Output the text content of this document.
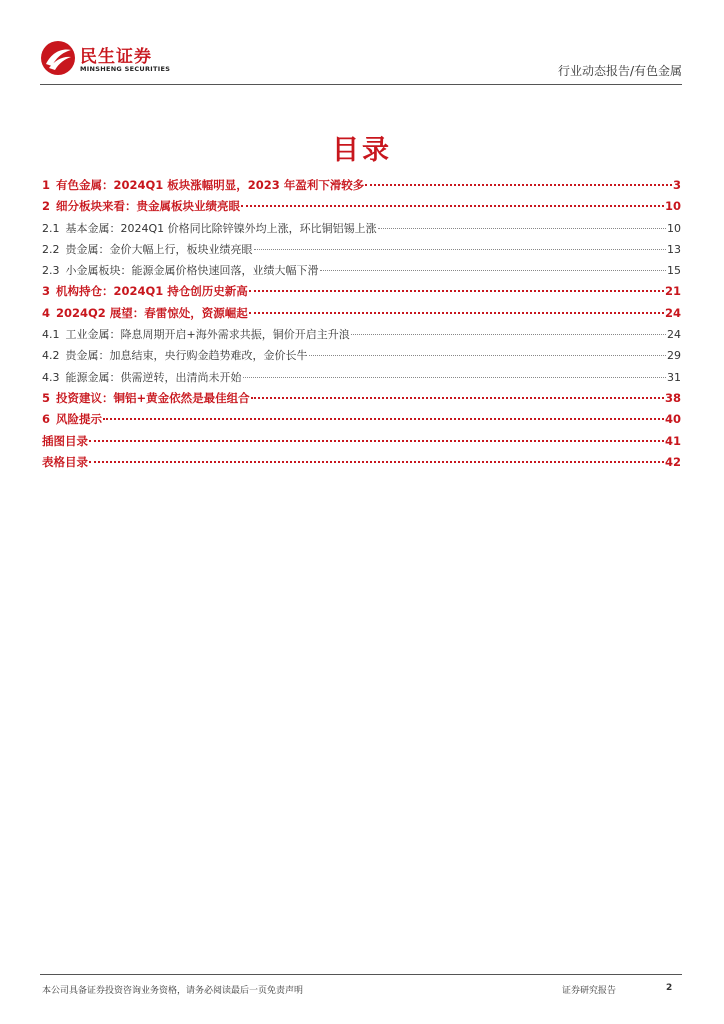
民生证券
MINSHENG SECURITIES	行业动态报告/有色金属
目录
1 有色金属：2024Q1 板块涨幅明显，2023 年盈利下滑较多	3
2 细分板块来看：贵金属板块业绩亮眼	10
2.1 基本金属：2024Q1 价格同比除锌镍外均上涨，环比铜铝锡上涨	10
2.2 贵金属：金价大幅上行，板块业绩亮眼	13
2.3 小金属板块：能源金属价格快速回落，业绩大幅下滑	15
3 机构持仓：2024Q1 持仓创历史新高	21
4 2024Q2 展望：春雷惊处，资源崛起	24
4.1 工业金属：降息周期开启+海外需求共振，铜价开启主升浪	24
4.2 贵金属：加息结束，央行购金趋势难改，金价长牛	29
4.3 能源金属：供需逆转，出清尚未开始	31
5 投资建议：铜铝+黄金依然是最佳组合	38
6 风险提示	40
插图目录	41
表格目录	42
本公司具备证券投资咨询业务资格，请务必阅读最后一页免责声明	证券研究报告	2
